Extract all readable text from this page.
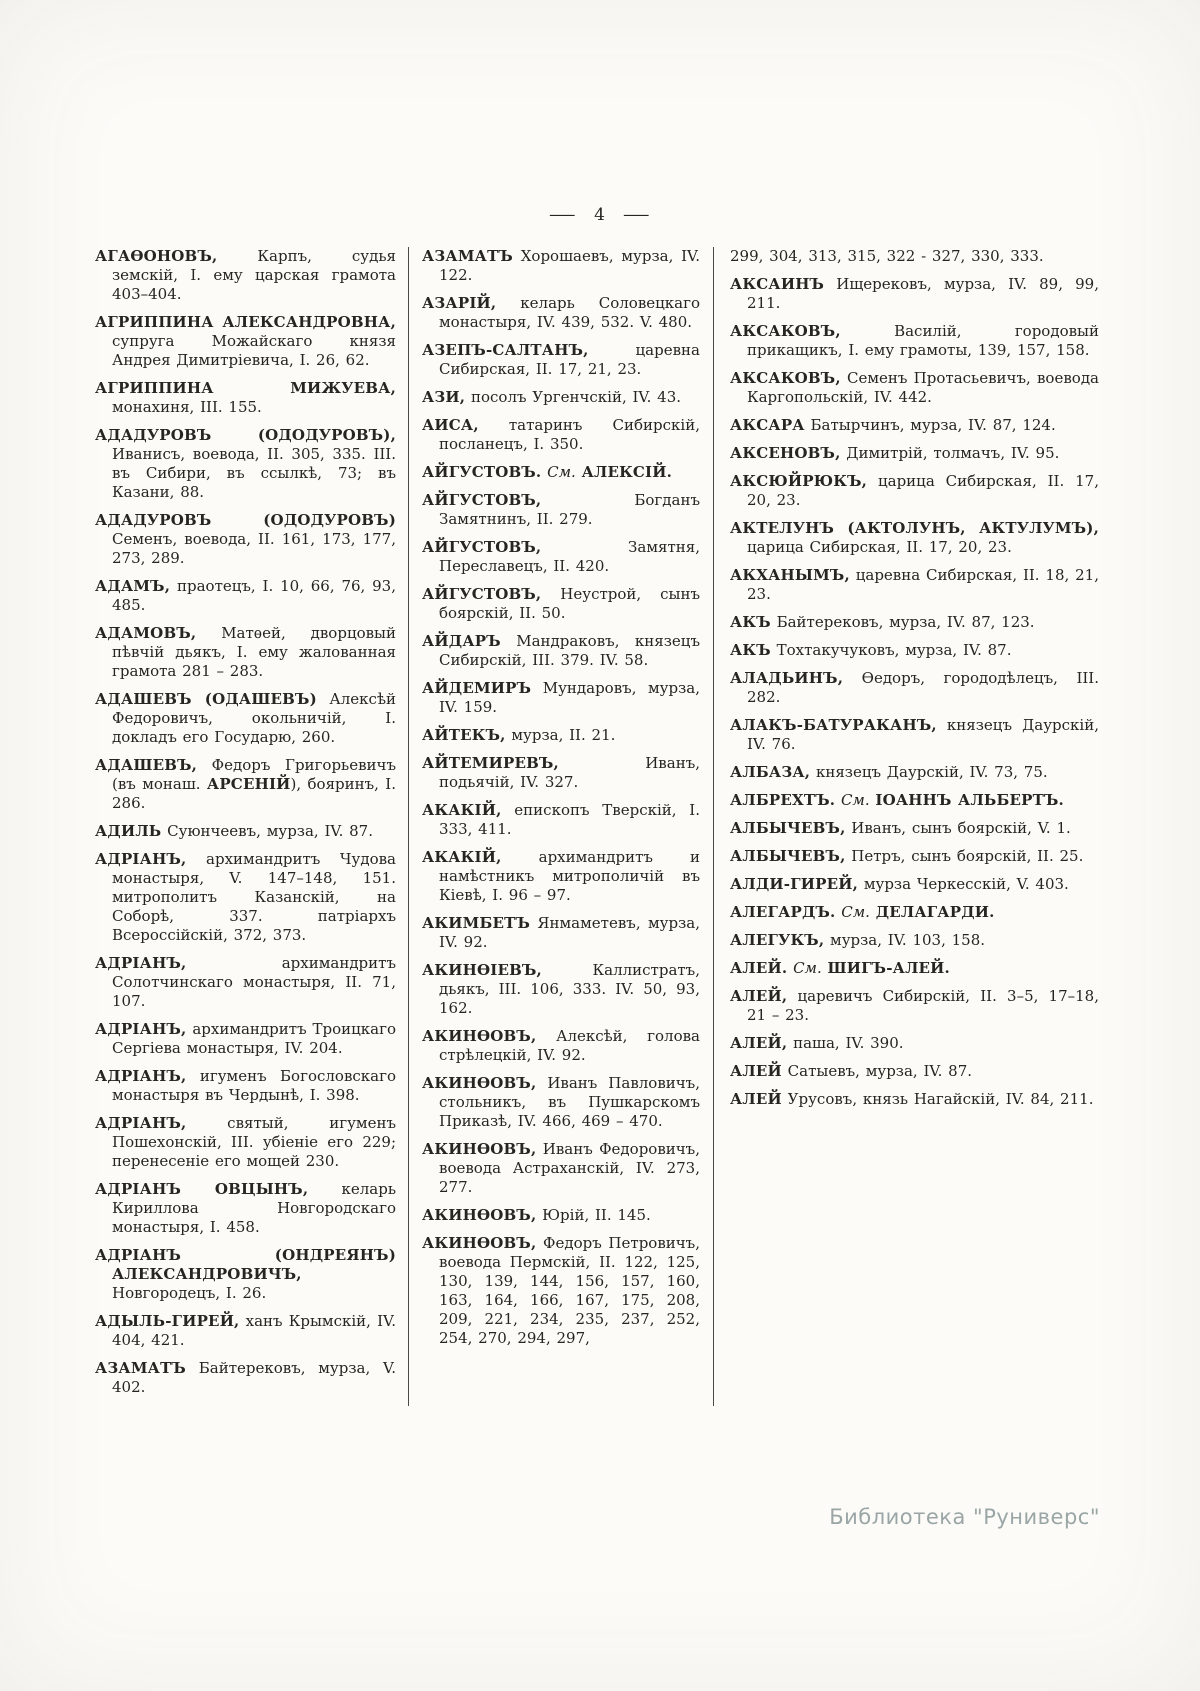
— 4 —

АГАѲОНОВЪ, Карпъ, судья земскій, I. ему царская грамота 403–404.

АГРИППИНА АЛЕКСАНДРОВНА, супруга Можайскаго князя Андрея Димитріевича, I. 26, 62.

АГРИППИНА МИЖУЕВА, монахиня, III. 155.

АДАДУРОВЪ (ОДОДУРОВЪ), Иванисъ, воевода, II. 305, 335. III. въ Сибири, въ ссылкѣ, 73; въ Казани, 88.

АДАДУРОВЪ (ОДОДУРОВЪ) Семенъ, воевода, II. 161, 173, 177, 273, 289.

АДАМЪ, праотецъ, I. 10, 66, 76, 93, 485.

АДАМОВЪ, Матѳей, дворцовый пѣвчій дьякъ, I. ему жалованная грамота 281 – 283.

АДАШЕВЪ (ОДАШЕВЪ) Алексѣй Федоровичъ, окольничій, I. докладъ его Государю, 260.

АДАШЕВЪ, Федоръ Григорьевичъ (въ монаш. АРСЕНІЙ), бояринъ, I. 286.

АДИЛЬ Суюнчеевъ, мурза, IV. 87.

АДРІАНЪ, архимандритъ Чудова монастыря, V. 147–148, 151. митрополитъ Казанскій, на Соборѣ, 337. патріархъ Всероссійскій, 372, 373.

АДРІАНЪ, архимандритъ Солотчинскаго монастыря, II. 71, 107.

АДРІАНЪ, архимандритъ Троицкаго Сергіева монастыря, IV. 204.

АДРІАНЪ, игуменъ Богословскаго монастыря въ Чердынѣ, I. 398.

АДРІАНЪ, святый, игуменъ Пошехонскій, III. убіеніе его 229; перенесеніе его мощей 230.

АДРІАНЪ ОВЦЫНЪ, келарь Кириллова Новгородскаго монастыря, I. 458.

АДРІАНЪ (ОНДРЕЯНЪ) АЛЕКСАНДРОВИЧЪ, Новгородецъ, I. 26.

АДЫЛЬ-ГИРЕЙ, ханъ Крымскій, IV. 404, 421.

АЗАМАТЪ Байтерековъ, мурза, V. 402.

АЗАМАТЪ Хорошаевъ, мурза, IV. 122.

АЗАРІЙ, келарь Соловецкаго монастыря, IV. 439, 532. V. 480.

АЗЕПЪ-САЛТАНЪ, царевна Сибирская, II. 17, 21, 23.

АЗИ, посолъ Ургенчскій, IV. 43.

АИСА, татаринъ Сибирскій, посланецъ, I. 350.

АЙГУСТОВЪ. См. АЛЕКСІЙ.

АЙГУСТОВЪ, Богданъ Замятнинъ, II. 279.

АЙГУСТОВЪ, Замятня, Переславецъ, II. 420.

АЙГУСТОВЪ, Неустрой, сынъ боярскій, II. 50.

АЙДАРЪ Мандраковъ, князецъ Сибирскій, III. 379. IV. 58.

АЙДЕМИРЪ Мундаровъ, мурза, IV. 159.

АЙТЕКЪ, мурза, II. 21.

АЙТЕМИРЕВЪ, Иванъ, подьячій, IV. 327.

АКАКІЙ, епископъ Тверскій, I. 333, 411.

АКАКІЙ, архимандритъ и намѣстникъ митрополичій въ Кіевѣ, I. 96 – 97.

АКИМБЕТЪ Янмаметевъ, мурза, IV. 92.

АКИНѲІЕВЪ, Каллистратъ, дьякъ, III. 106, 333. IV. 50, 93, 162.

АКИНѲОВЪ, Алексѣй, голова стрѣлецкій, IV. 92.

АКИНѲОВЪ, Иванъ Павловичъ, стольникъ, въ Пушкарскомъ Приказѣ, IV. 466, 469 – 470.

АКИНѲОВЪ, Иванъ Федоровичъ, воевода Астраханскій, IV. 273, 277.

АКИНѲОВЪ, Юрій, II. 145.

АКИНѲОВЪ, Федоръ Петровичъ, воевода Пермскій, II. 122, 125, 130, 139, 144, 156, 157, 160, 163, 164, 166, 167, 175, 208, 209, 221, 234, 235, 237, 252, 254, 270, 294, 297,

299, 304, 313, 315, 322 - 327, 330, 333.

АКСАИНЪ Ищерековъ, мурза, IV. 89, 99, 211.

АКСАКОВЪ, Василій, городовый прикащикъ, I. ему грамоты, 139, 157, 158.

АКСАКОВЪ, Семенъ Протасьевичъ, воевода Каргопольскій, IV. 442.

АКСАРА Батырчинъ, мурза, IV. 87, 124.

АКСЕНОВЪ, Димитрій, толмачъ, IV. 95.

АКСЮЙРЮКЪ, царица Сибирская, II. 17, 20, 23.

АКТЕЛУНЪ (АКТОЛУНЪ, АКТУЛУМЪ), царица Сибирская, II. 17, 20, 23.

АКХАНЫМЪ, царевна Сибирская, II. 18, 21, 23.

АКЪ Байтерековъ, мурза, IV. 87, 123.

АКЪ Тохтакучуковъ, мурза, IV. 87.

АЛАДЬИНЪ, Ѳедоръ, горододѣлецъ, III. 282.

АЛАКЪ-БАТУРАКАНЪ, князецъ Даурскій, IV. 76.

АЛБАЗА, князецъ Даурскій, IV. 73, 75.

АЛБРЕХТЪ. См. ІОАННЪ АЛЬБЕРТЪ.

АЛБЫЧЕВЪ, Иванъ, сынъ боярскій, V. 1.

АЛБЫЧЕВЪ, Петръ, сынъ боярскій, II. 25.

АЛДИ-ГИРЕЙ, мурза Черкесскій, V. 403.

АЛЕГАРДЪ. См. ДЕЛАГАРДИ.

АЛЕГУКЪ, мурза, IV. 103, 158.

АЛЕЙ. См. ШИГЪ-АЛЕЙ.

АЛЕЙ, царевичъ Сибирскій, II. 3–5, 17–18, 21 – 23.

АЛЕЙ, паша, IV. 390.

АЛЕЙ Сатыевъ, мурза, IV. 87.

АЛЕЙ Урусовъ, князь Нагайскій, IV. 84, 211.

Библиотека "Руниверс"
